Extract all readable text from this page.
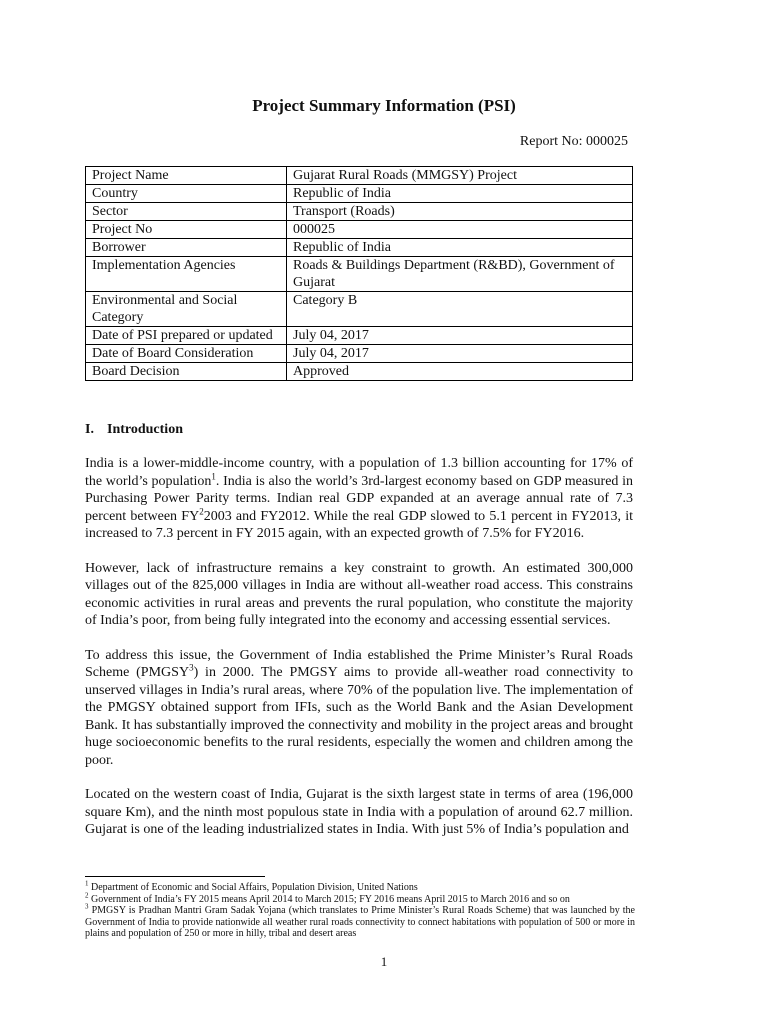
Project Summary Information (PSI)
Report No: 000025
Project Name	Gujarat Rural Roads (MMGSY) Project
Country	Republic of India
Sector	Transport (Roads)
Project No	000025
Borrower	Republic of India
Implementation Agencies	Roads & Buildings Department (R&BD), Government of Gujarat
Environmental and Social Category	Category B
Date of PSI prepared or updated	July 04, 2017
Date of Board Consideration	July 04, 2017
Board Decision	Approved
I. Introduction

India is a lower-middle-income country, with a population of 1.3 billion accounting for 17% of the world’s population$^1$. India is also the world’s 3rd-largest economy based on GDP measured in Purchasing Power Parity terms. Indian real GDP expanded at an average annual rate of 7.3 percent between $FY^22003$ and FY2012. While the real GDP slowed to 5.1 percent in FY2013, it increased to 7.3 percent in FY 2015 again, with an expected growth of 7.5% for FY2016.

However, lack of infrastructure remains a key constraint to growth. An estimated 300,000 villages out of the 825,000 villages in India are without all-weather road access. This constrains economic activities in rural areas and prevents the rural population, who constitute the majority of India’s poor, from being fully integrated into the economy and accessing essential services.

To address this issue, the Government of India established the Prime Minister’s Rural Roads Scheme (PMGSY$^3$) in 2000. The PMGSY aims to provide all-weather road connectivity to unserved villages in India’s rural areas, where 70% of the population live. The implementation of the PMGSY obtained support from IFIs, such as the World Bank and the Asian Development Bank. It has substantially improved the connectivity and mobility in the project areas and brought huge socioeconomic benefits to the rural residents, especially the women and children among the poor.

Located on the western coast of India, Gujarat is the sixth largest state in terms of area (196,000 square Km), and the ninth most populous state in India with a population of around 62.7 million. Gujarat is one of the leading industrialized states in India. With just 5% of India’s population and

$^1$ Department of Economic and Social Affairs, Population Division, United Nations

$^2$ Government of India’s FY 2015 means April 2014 to March 2015; FY 2016 means April 2015 to March 2016 and so on

$^3$ PMGSY is Pradhan Mantri Gram Sadak Yojana (which translates to Prime Minister’s Rural Roads Scheme) that was launched by the Government of India to provide nationwide all weather rural roads connectivity to connect habitations with population of 500 or more in plains and population of 250 or more in hilly, tribal and desert areas

1
